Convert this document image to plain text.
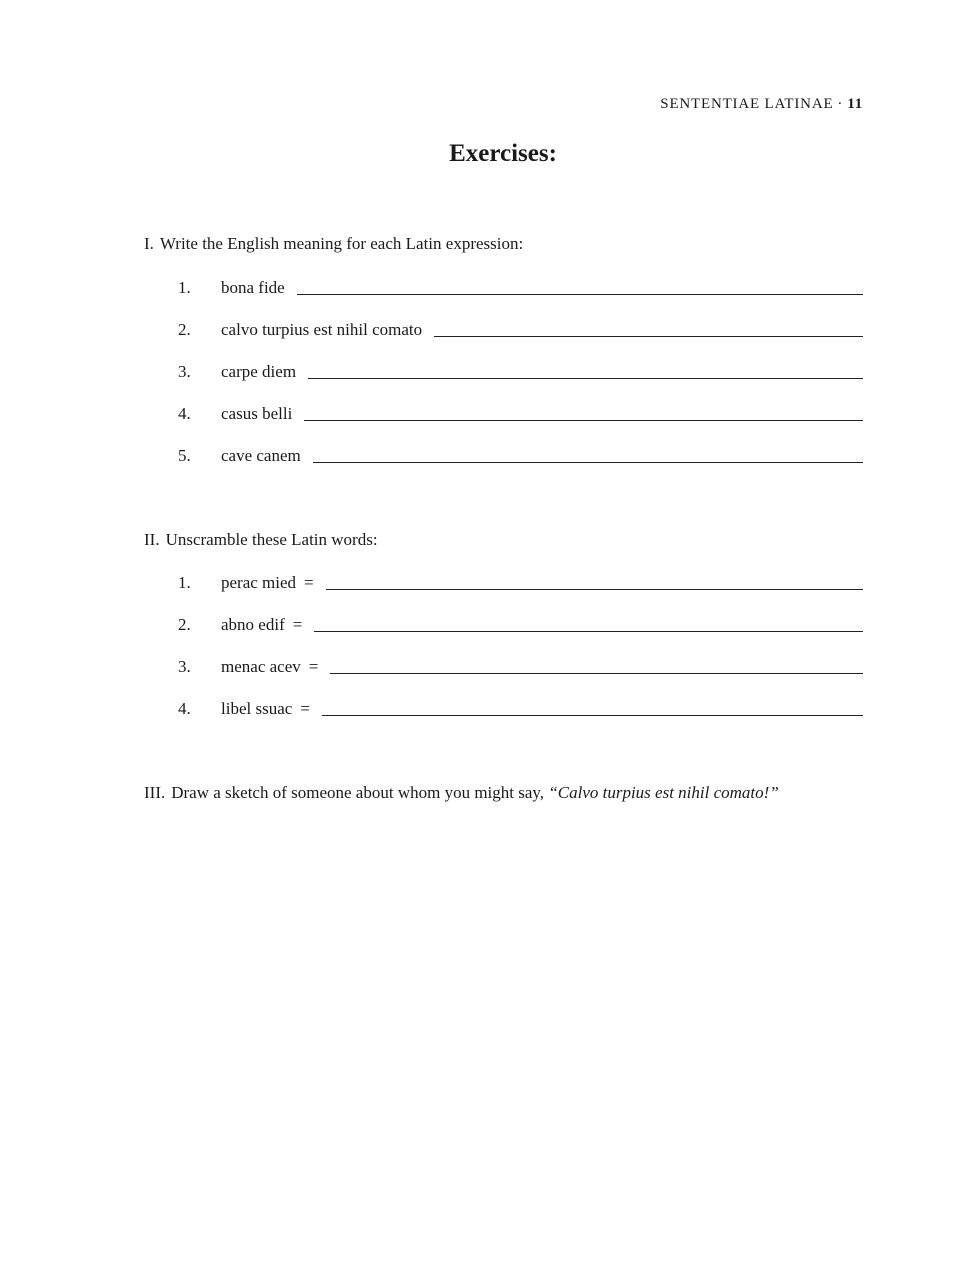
SENTENTIAE LATINAE · 11
Exercises:
I. Write the English meaning for each Latin expression:
1.	bona fide
2.	calvo turpius est nihil comato
3.	carpe diem
4.	casus belli
5.	cave canem
II. Unscramble these Latin words:
1.	perac mied =
2.	abno edif =
3.	menac acev =
4.	libel ssuac =
III. Draw a sketch of someone about whom you might say, “Calvo turpius est nihil comato!”
